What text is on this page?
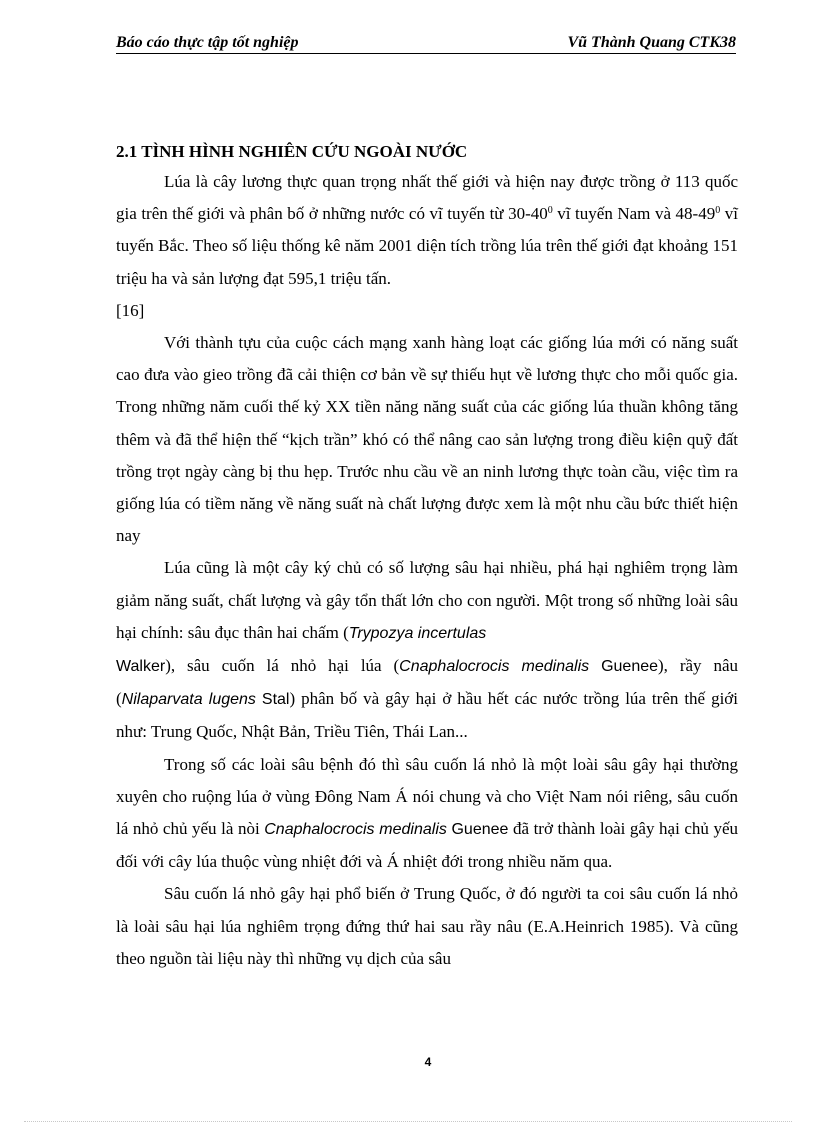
Báo cáo thực tập tốt nghiệp	Vũ Thành Quang CTK38
2.1 TÌNH HÌNH NGHIÊN CỨU NGOÀI NƯỚC

Lúa là cây lương thực quan trọng nhất thế giới và hiện nay được trồng ở 113 quốc gia trên thế giới và phân bố ở những nước có vĩ tuyến từ $30-40^0$ vĩ tuyến Nam và $48-49^0$ vĩ tuyến Bắc. Theo số liệu thống kê năm 2001 diện tích trồng lúa trên thế giới đạt khoảng 151 triệu ha và sản lượng đạt 595,1 triệu tấn.

[16]

Với thành tựu của cuộc cách mạng xanh hàng loạt các giống lúa mới có năng suất cao đưa vào gieo trồng đã cải thiện cơ bản về sự thiếu hụt về lương thực cho mỗi quốc gia. Trong những năm cuối thế kỷ XX tiền năng năng suất của các giống lúa thuần không tăng thêm và đã thể hiện thế “kịch trần” khó có thể nâng cao sản lượng trong điều kiện quỹ đất trồng trọt ngày càng bị thu hẹp. Trước nhu cầu về an ninh lương thực toàn cầu, việc tìm ra giống lúa có tiềm năng về năng suất nà chất lượng được xem là một nhu cầu bức thiết hiện nay

Lúa cũng là một cây ký chủ có số lượng sâu hại nhiều, phá hại nghiêm trọng làm giảm năng suất, chất lượng và gây tổn thất lớn cho con người. Một trong số những loài sâu hại chính: sâu đục thân hai chấm (Trypozya incertulas
Walker), sâu cuốn lá nhỏ hại lúa (Cnaphalocrocis medinalis Guenee), rầy nâu (Nilaparvata lugens Stal) phân bố và gây hại ở hầu hết các nước trồng lúa trên thế giới như: Trung Quốc, Nhật Bản, Triều Tiên, Thái Lan...

Trong số các loài sâu bệnh đó thì sâu cuốn lá nhỏ là một loài sâu gây hại thường xuyên cho ruộng lúa ở vùng Đông Nam Á nói chung và cho Việt Nam nói riêng, sâu cuốn lá nhỏ chủ yếu là nòi Cnaphalocrocis medinalis Guenee đã trở thành loài gây hại chủ yếu đối với cây lúa thuộc vùng nhiệt đới và Á nhiệt đới trong nhiều năm qua.

Sâu cuốn lá nhỏ gây hại phổ biến ở Trung Quốc, ở đó người ta coi sâu cuốn lá nhỏ là loài sâu hại lúa nghiêm trọng đứng thứ hai sau rầy nâu (E.A.Heinrich 1985). Và cũng theo nguồn tài liệu này thì những vụ dịch của sâu

4
